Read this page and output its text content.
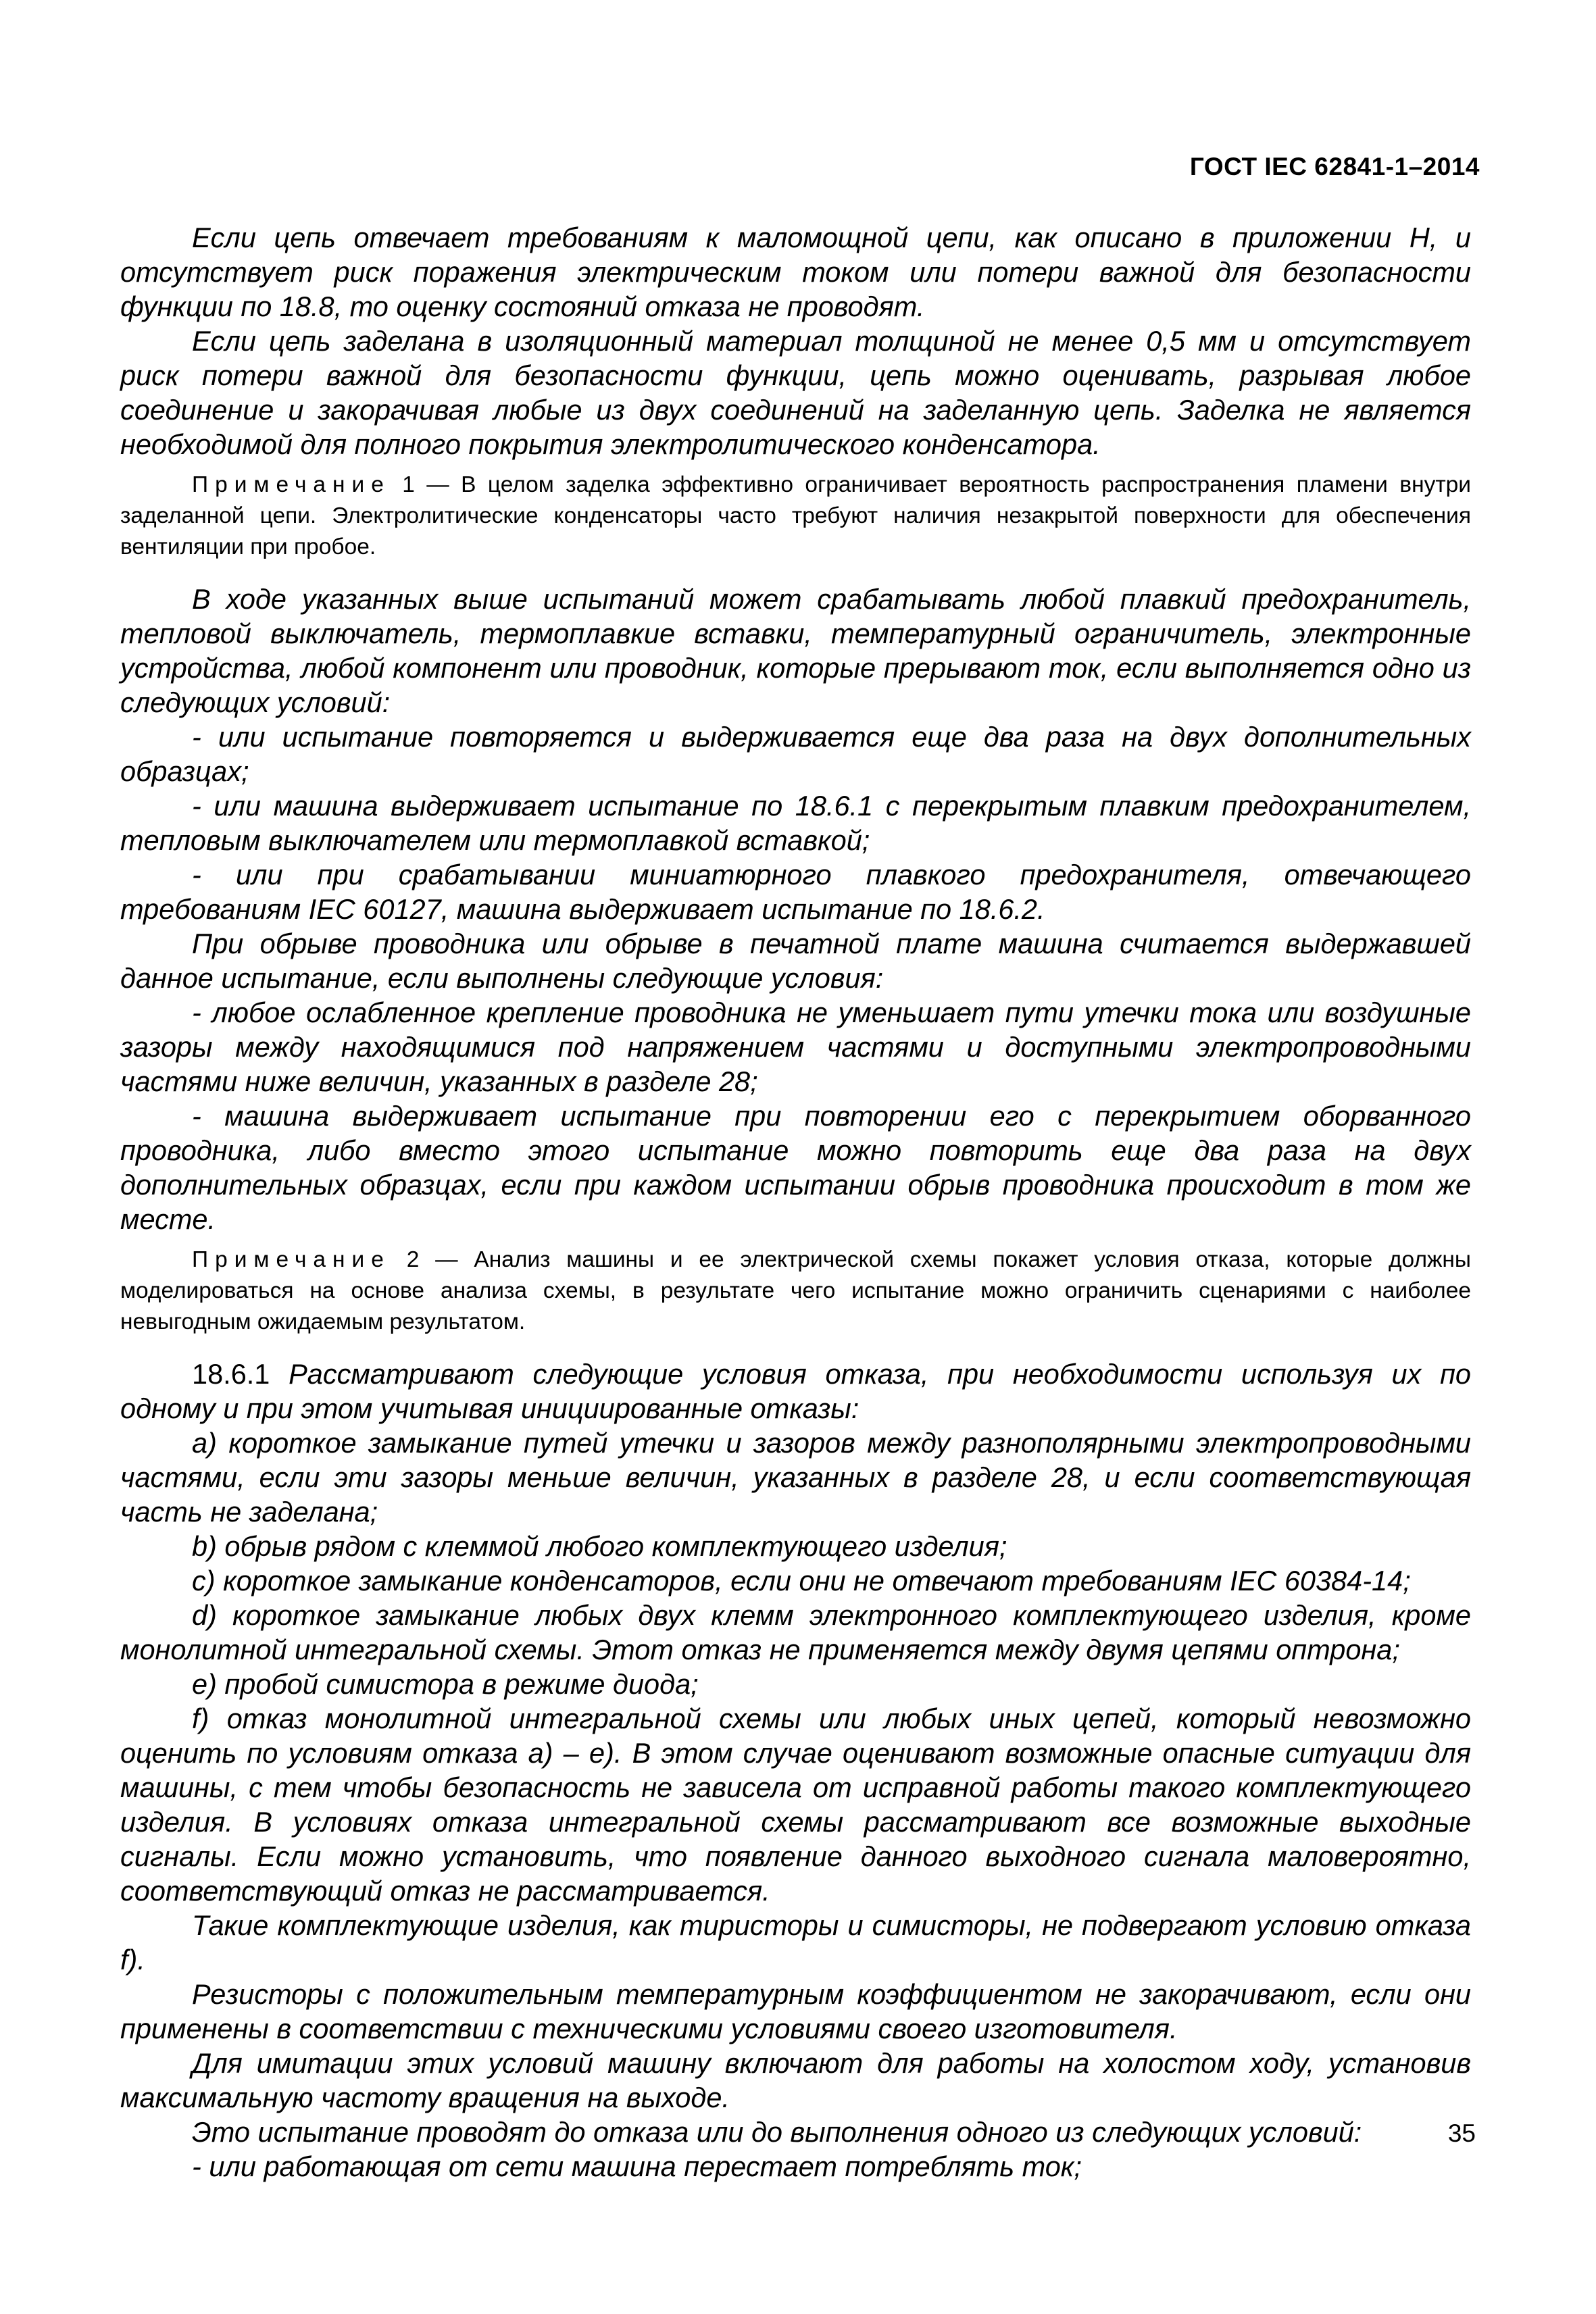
ГОСТ IEC 62841-1–2014

Если цепь отвечает требованиям к маломощной цепи, как описано в приложении Н, и отсутствует риск поражения электрическим током или потери важной для безопасности функции по 18.8, то оценку состояний отказа не проводят.

Если цепь заделана в изоляционный материал толщиной не менее 0,5 мм и отсутствует риск потери важной для безопасности функции, цепь можно оценивать, разрывая любое соединение и закорачивая любые из двух соединений на заделанную цепь. Заделка не является необходимой для полного покрытия электролитического конденсатора.

Примечание 1 — В целом заделка эффективно ограничивает вероятность распространения пламени внутри заделанной цепи. Электролитические конденсаторы часто требуют наличия незакрытой поверхности для обеспечения вентиляции при пробое.

В ходе указанных выше испытаний может срабатывать любой плавкий предохранитель, тепловой выключатель, термоплавкие вставки, температурный ограничитель, электронные устройства, любой компонент или проводник, которые прерывают ток, если выполняется одно из следующих условий:

- или испытание повторяется и выдерживается еще два раза на двух дополнительных образцах;

- или машина выдерживает испытание по 18.6.1 с перекрытым плавким предохранителем, тепловым выключателем или термоплавкой вставкой;

- или при срабатывании миниатюрного плавкого предохранителя, отвечающего требованиям IEC 60127, машина выдерживает испытание по 18.6.2.

При обрыве проводника или обрыве в печатной плате машина считается выдержавшей данное испытание, если выполнены следующие условия:

- любое ослабленное крепление проводника не уменьшает пути утечки тока или воздушные зазоры между находящимися под напряжением частями и доступными электропроводными частями ниже величин, указанных в разделе 28;

- машина выдерживает испытание при повторении его с перекрытием оборванного проводника, либо вместо этого испытание можно повторить еще два раза на двух дополнительных образцах, если при каждом испытании обрыв проводника происходит в том же месте.

Примечание 2 — Анализ машины и ее электрической схемы покажет условия отказа, которые должны моделироваться на основе анализа схемы, в результате чего испытание можно ограничить сценариями с наиболее невыгодным ожидаемым результатом.

18.6.1 Рассматривают следующие условия отказа, при необходимости используя их по одному и при этом учитывая инициированные отказы:

а) короткое замыкание путей утечки и зазоров между разнополярными электропроводными частями, если эти зазоры меньше величин, указанных в разделе 28, и если соответствующая часть не заделана;

b) обрыв рядом с клеммой любого комплектующего изделия;

c) короткое замыкание конденсаторов, если они не отвечают требованиям IEC 60384-14;

d) короткое замыкание любых двух клемм электронного комплектующего изделия, кроме монолитной интегральной схемы. Этот отказ не применяется между двумя цепями оптрона;

е) пробой симистора в режиме диода;

f) отказ монолитной интегральной схемы или любых иных цепей, который невозможно оценить по условиям отказа а) – е). В этом случае оценивают возможные опасные ситуации для машины, с тем чтобы безопасность не зависела от исправной работы такого комплектующего изделия. В условиях отказа интегральной схемы рассматривают все возможные выходные сигналы. Если можно установить, что появление данного выходного сигнала маловероятно, соответствующий отказ не рассматривается.

Такие комплектующие изделия, как тиристоры и симисторы, не подвергают условию отказа f).

Резисторы с положительным температурным коэффициентом не закорачивают, если они применены в соответствии с техническими условиями своего изготовителя.

Для имитации этих условий машину включают для работы на холостом ходу, установив максимальную частоту вращения на выходе.

Это испытание проводят до отказа или до выполнения одного из следующих условий:

- или работающая от сети машина перестает потреблять ток;

35
